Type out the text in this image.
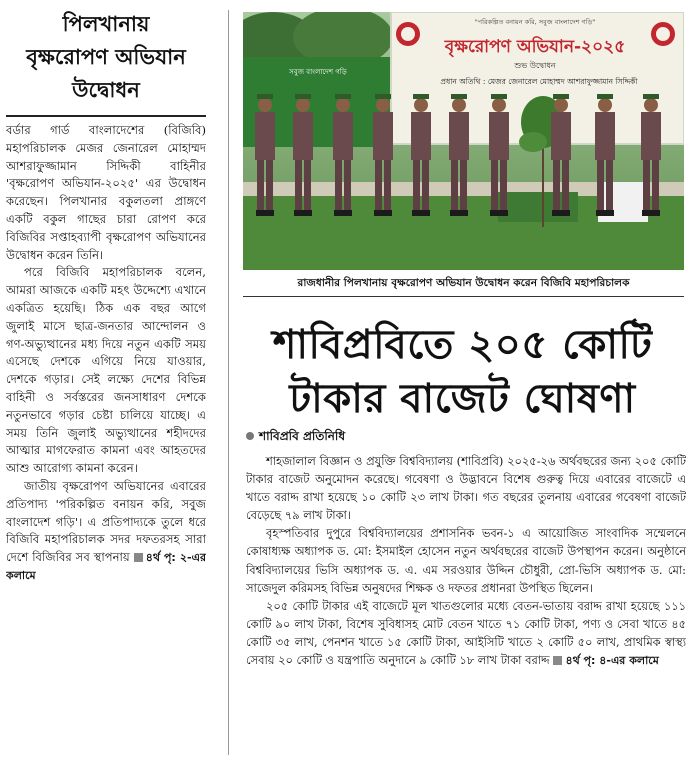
পিলখানায়
বৃক্ষরোপণ অভিযান
উদ্বোধন

বর্ডার গার্ড বাংলাদেশের (বিজিবি) মহাপরিচালক মেজর জেনারেল মোহাম্মদ আশরাফুজ্জামান সিদ্দিকী বাহিনীর 'বৃক্ষরোপণ অভিযান-২০২৫' এর উদ্বোধন করেছেন। পিলখানার বকুলতলা প্রাঙ্গণে একটি বকুল গাছের চারা রোপণ করে বিজিবির সপ্তাহব্যাপী বৃক্ষরোপণ অভিযানের উদ্বোধন করেন তিনি।

পরে বিজিবি মহাপরিচালক বলেন, আমরা আজকে একটি মহৎ উদ্দেশ্যে এখানে একত্রিত হয়েছি। ঠিক এক বছর আগে জুলাই মাসে ছাত্র-জনতার আন্দোলন ও গণ-অভ্যুত্থানের মধ্য দিয়ে নতুন একটি সময় এসেছে দেশকে এগিয়ে নিয়ে যাওয়ার, দেশকে গড়ার। সেই লক্ষ্যে দেশের বিভিন্ন বাহিনী ও সর্বস্তরের জনসাধারণ দেশকে নতুনভাবে গড়ার চেষ্টা চালিয়ে যাচ্ছে। এ সময় তিনি জুলাই অভ্যুত্থানের শহীদদের আত্মার মাগফেরাত কামনা এবং আহতদের আশু আরোগ্য কামনা করেন।

জাতীয় বৃক্ষরোপণ অভিযানের এবারের প্রতিপাদ্য 'পরিকল্পিত বনায়ন করি, সবুজ বাংলাদেশ গড়ি'। এ প্রতিপাদ্যকে তুলে ধরে বিজিবি মহাপরিচালক সদর দফতরসহ সারা দেশে বিজিবির সব স্থাপনায় ৪র্থ পৃ: ২-এর কলামে

সবুজ বাংলাদেশ গড়ি
"পরিকল্পিত বনায়ন করি, সবুজ বাংলাদেশ গড়ি"
বৃক্ষরোপণ অভিযান-২০২৫
শুভ উদ্বোধন
প্রধান অতিথি : মেজর জেনারেল মোহাম্মদ আশরাফুজ্জামান সিদ্দিকী
রাজধানীর পিলখানায় বৃক্ষরোপণ অভিযান উদ্বোধন করেন বিজিবি মহাপরিচালক
শাবিপ্রবিতে ২০৫ কোটি
টাকার বাজেট ঘোষণা
শাবিপ্রবি প্রতিনিধি

শাহজালাল বিজ্ঞান ও প্রযুক্তি বিশ্ববিদ্যালয় (শাবিপ্রবি) ২০২৫-২৬ অর্থবছরের জন্য ২০৫ কোটি টাকার বাজেট অনুমোদন করেছে। গবেষণা ও উদ্ভাবনে বিশেষ গুরুত্ব দিয়ে এবারের বাজেটে এ খাতে বরাদ্দ রাখা হয়েছে ১০ কোটি ২৩ লাখ টাকা। গত বছরের তুলনায় এবারের গবেষণা বাজেট বেড়েছে ৭৯ লাখ টাকা।

বৃহস্পতিবার দুপুরে বিশ্ববিদ্যালয়ের প্রশাসনিক ভবন-১ এ আয়োজিত সাংবাদিক সম্মেলনে কোষাধ্যক্ষ অধ্যাপক ড. মো: ইসমাইল হোসেন নতুন অর্থবছরের বাজেট উপস্থাপন করেন। অনুষ্ঠানে বিশ্ববিদ্যালয়ের ভিসি অধ্যাপক ড. এ. এম সরওয়ার উদ্দিন চৌধুরী, প্রো-ভিসি অধ্যাপক ড. মো: সাজেদুল করিমসহ বিভিন্ন অনুষদের শিক্ষক ও দফতর প্রধানরা উপস্থিত ছিলেন।

২০৫ কোটি টাকার এই বাজেটে মূল খাতগুলোর মধ্যে বেতন-ভাতায় বরাদ্দ রাখা হয়েছে ১১১ কোটি ৯০ লাখ টাকা, বিশেষ সুবিধাসহ মোট বেতন খাতে ৭১ কোটি টাকা, পণ্য ও সেবা খাতে ৪৫ কোটি ৩৫ লাখ, পেনশন খাতে ১৫ কোটি টাকা, আইসিটি খাতে ২ কোটি ৫০ লাখ, প্রাথমিক স্বাস্থ্য সেবায় ২০ কোটি ও যন্ত্রপাতি অনুদানে ৯ কোটি ১৮ লাখ টাকা বরাদ্দ ৪র্থ পৃ: ৪-এর কলামে
